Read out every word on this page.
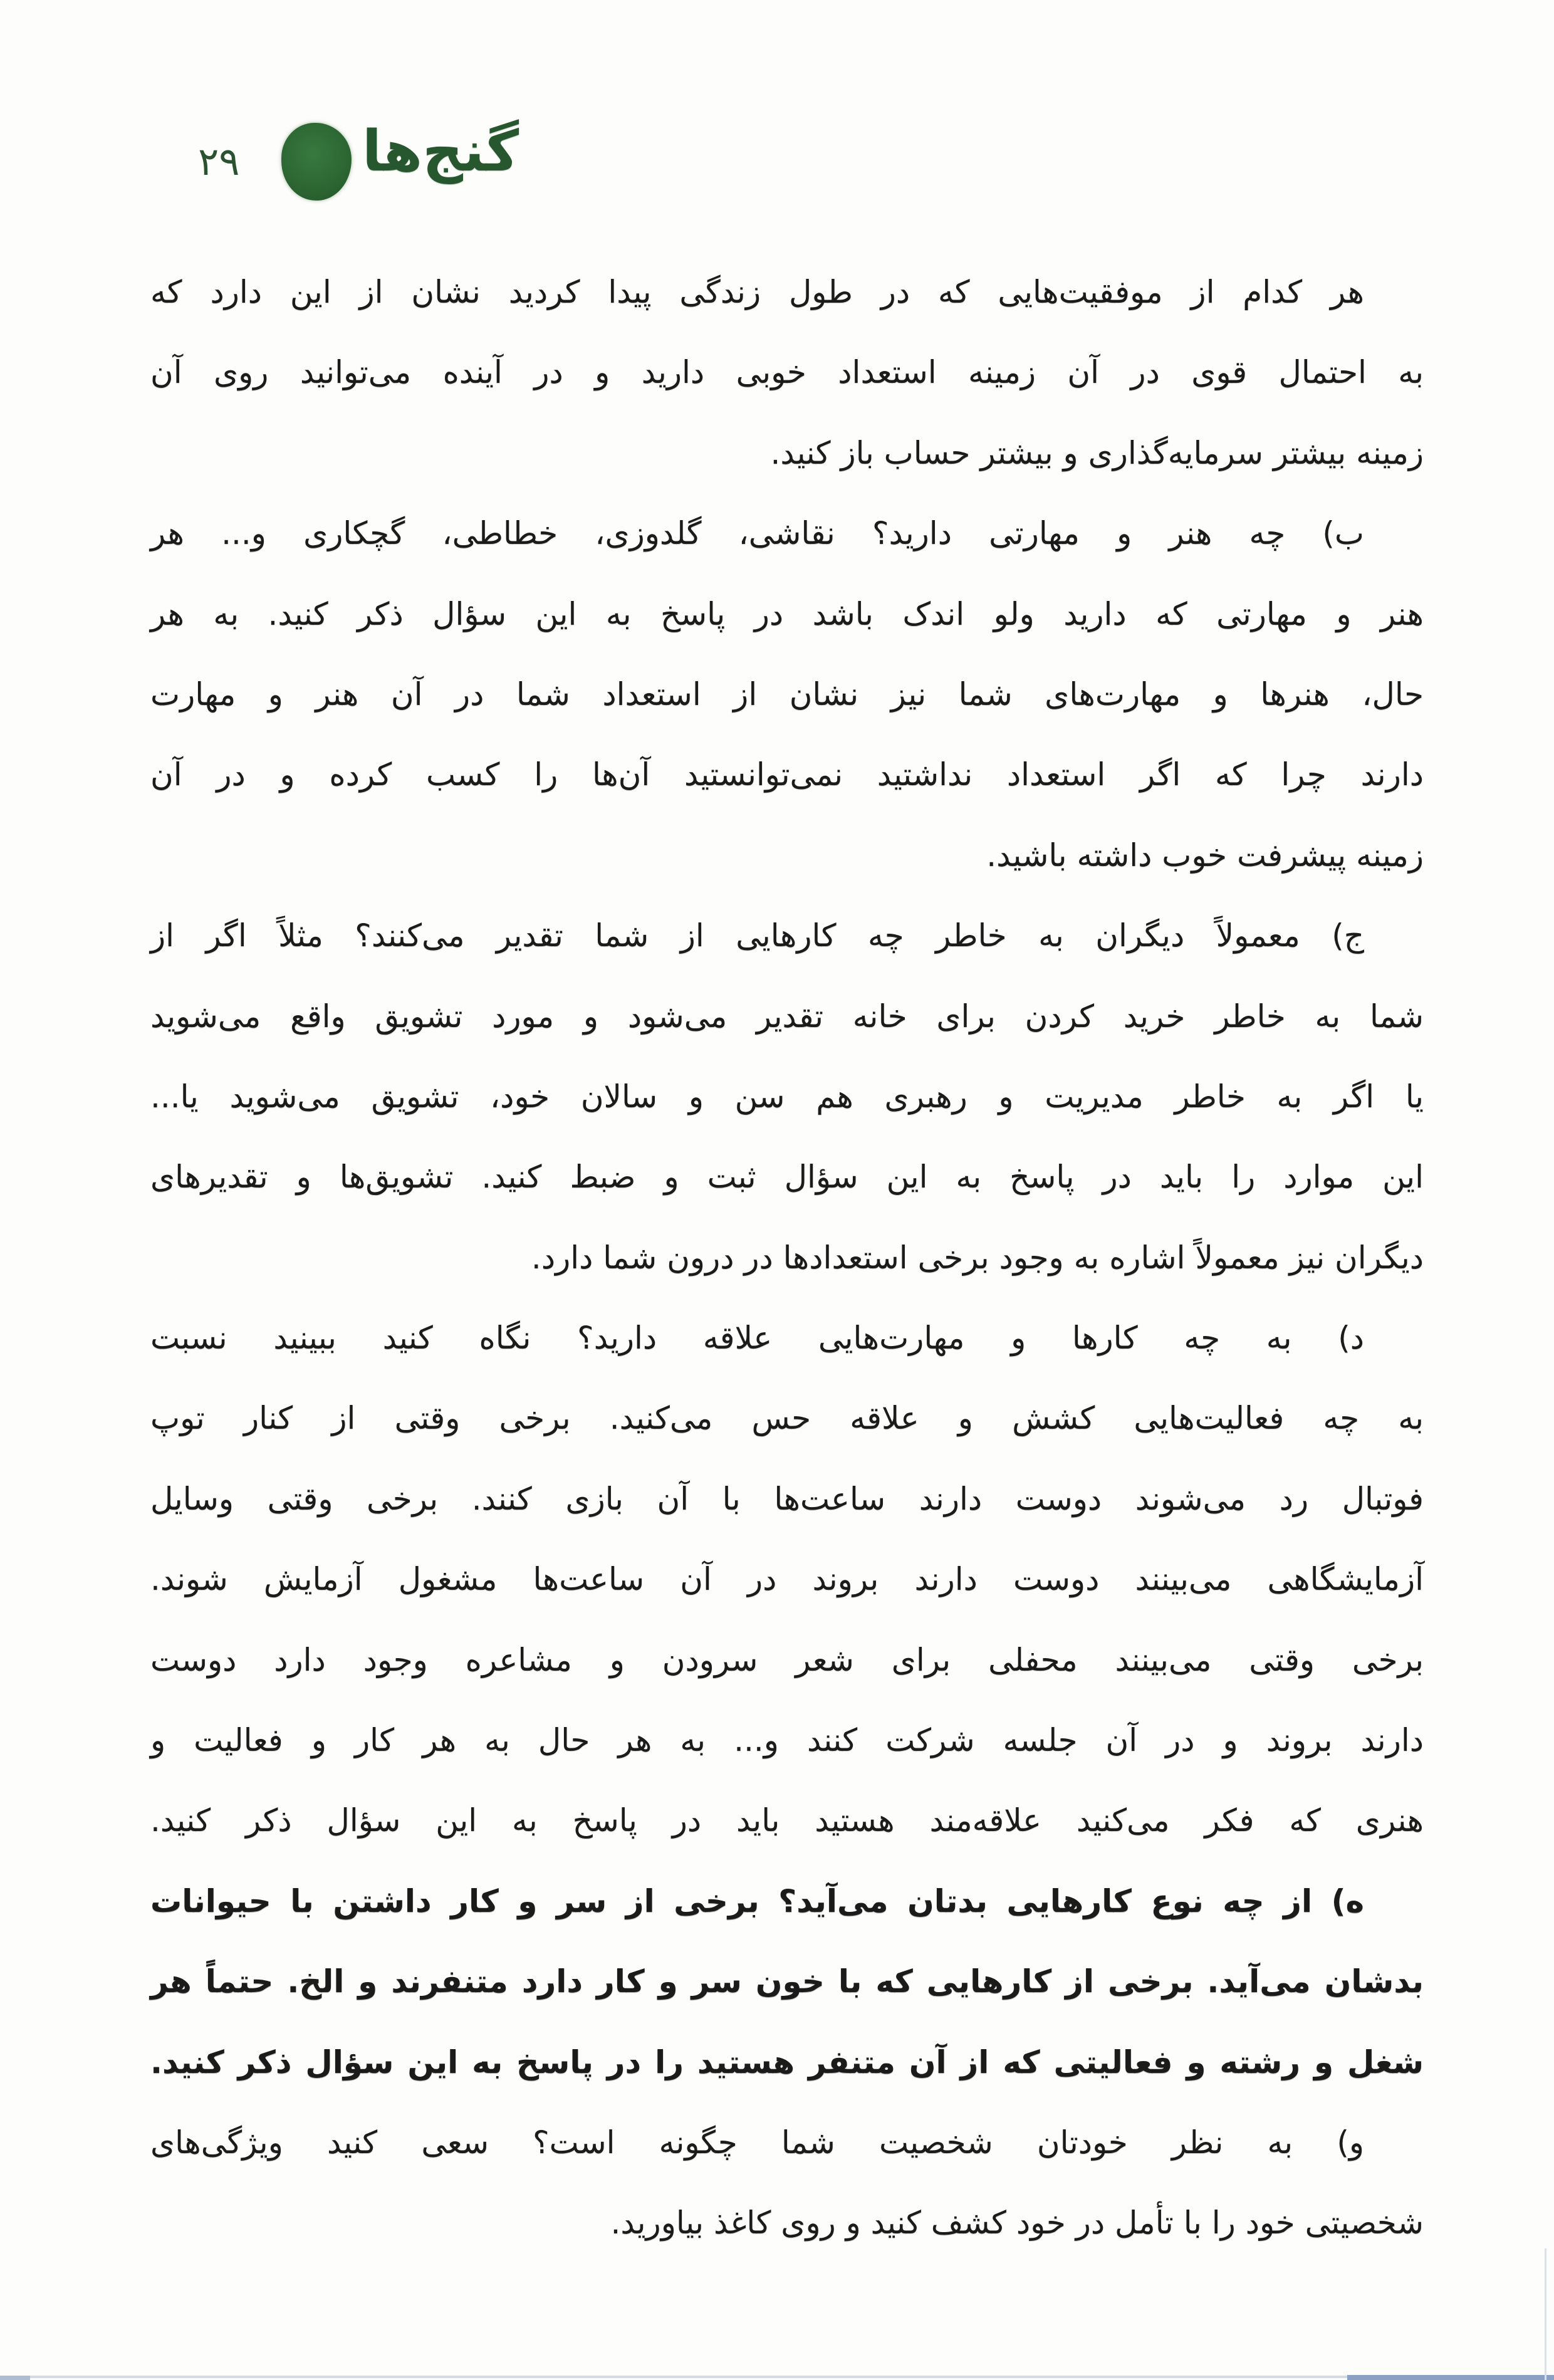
۲۹ گنج‌ها
هر کدام از موفقیت‌هایی که در طول زندگی پیدا کردید نشان از این دارد که
به احتمال قوی در آن زمینه استعداد خوبی دارید و در آینده می‌توانید روی آن
زمینه بیشتر سرمایه‌گذاری و بیشتر حساب باز کنید.
ب) چه هنر و مهارتی دارید؟ نقاشی، گلدوزی، خطاطی، گچکاری و... هر
هنر و مهارتی که دارید ولو اندک باشد در پاسخ به این سؤال ذکر کنید. به هر
حال، هنرها و مهارت‌های شما نیز نشان از استعداد شما در آن هنر و مهارت
دارند چرا که اگر استعداد نداشتید نمی‌توانستید آن‌ها را کسب کرده و در آن
زمینه پیشرفت خوب داشته باشید.
ج) معمولاً دیگران به خاطر چه کارهایی از شما تقدیر می‌کنند؟ مثلاً اگر از
شما به خاطر خرید کردن برای خانه تقدیر می‌شود و مورد تشویق واقع می‌شوید
یا اگر به خاطر مدیریت و رهبری هم سن و سالان خود، تشویق می‌شوید یا...
این موارد را باید در پاسخ به این سؤال ثبت و ضبط کنید. تشویق‌ها و تقدیرهای
دیگران نیز معمولاً اشاره به وجود برخی استعدادها در درون شما دارد.
د) به چه کارها و مهارت‌هایی علاقه دارید؟ نگاه کنید ببینید نسبت
به چه فعالیت‌هایی کشش و علاقه حس می‌کنید. برخی وقتی از کنار توپ
فوتبال رد می‌شوند دوست دارند ساعت‌ها با آن بازی کنند. برخی وقتی وسایل
آزمایشگاهی می‌بینند دوست دارند بروند در آن ساعت‌ها مشغول آزمایش شوند.
برخی وقتی می‌بینند محفلی برای شعر سرودن و مشاعره وجود دارد دوست
دارند بروند و در آن جلسه شرکت کنند و... به هر حال به هر کار و فعالیت و
هنری که فکر می‌کنید علاقه‌مند هستید باید در پاسخ به این سؤال ذکر کنید.
ه) از چه نوع کارهایی بدتان می‌آید؟ برخی از سر و کار داشتن با حیوانات
بدشان می‌آید. برخی از کارهایی که با خون سر و کار دارد متنفرند و الخ. حتماً هر
شغل و رشته و فعالیتی که از آن متنفر هستید را در پاسخ به این سؤال ذکر کنید.
و) به نظر خودتان شخصیت شما چگونه است؟ سعی کنید ویژگی‌های
شخصیتی خود را با تأمل در خود کشف کنید و روی کاغذ بیاورید.
